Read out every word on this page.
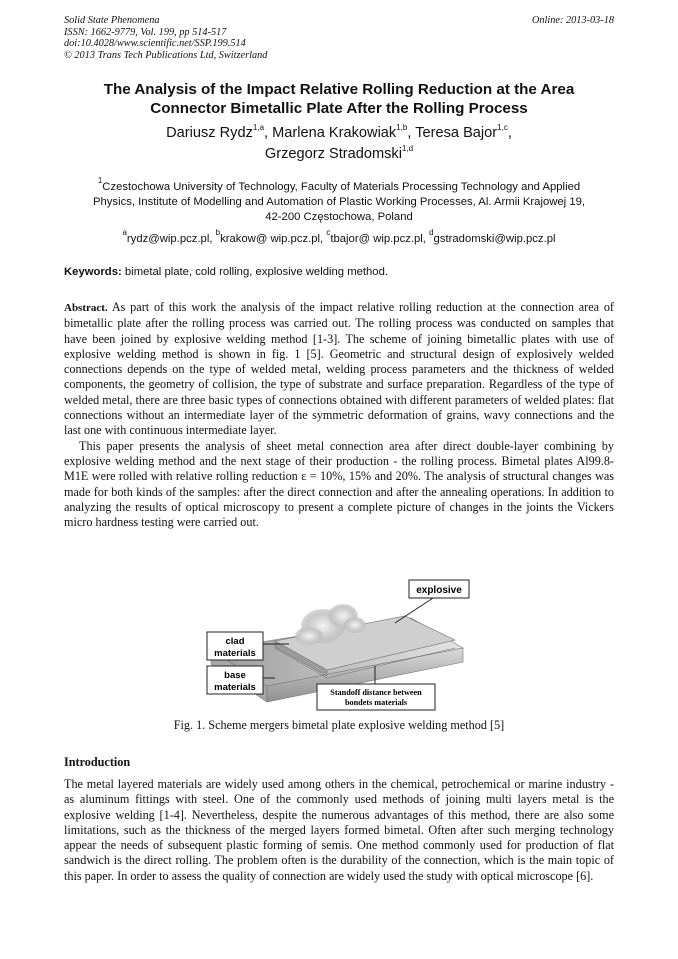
Solid State Phenomena
ISSN: 1662-9779, Vol. 199, pp 514-517
doi:10.4028/www.scientific.net/SSP.199.514
© 2013 Trans Tech Publications Ltd, Switzerland
Online: 2013-03-18
The Analysis of the Impact Relative Rolling Reduction at the Area
Connector Bimetallic Plate After the Rolling Process
Dariusz Rydz$^{1,a}$, Marlena Krakowiak$^{1,b}$, Teresa Bajor$^{1,c}$,
Grzegorz Stradomski$^{1,d}$
$^1$Czestochowa University of Technology, Faculty of Materials Processing Technology and Applied
Physics, Institute of Modelling and Automation of Plastic Working Processes, Al. Armii Krajowej 19,
42-200 Częstochowa, Poland
$^a$rydz@wip.pcz.pl, $^b$krakow@ wip.pcz.pl, $^c$tbajor@ wip.pcz.pl, $^d$gstradomski@wip.pcz.pl
Keywords: bimetal plate, cold rolling, explosive welding method.

Abstract. As part of this work the analysis of the impact relative rolling reduction at the connection area of bimetallic plate after the rolling process was carried out. The rolling process was conducted on samples that have been joined by explosive welding method [1-3]. The scheme of joining bimetallic plates with use of explosive welding method is shown in fig. 1 [5]. Geometric and structural design of explosively welded connections depends on the type of welded metal, welding process parameters and the thickness of welded components, the geometry of collision, the type of substrate and surface preparation. Regardless of the type of welded metal, there are three basic types of connections obtained with different parameters of welded plates: flat connections without an intermediate layer of the symmetric deformation of grains, wavy connections and the last one with continuous intermediate layer.

This paper presents the analysis of sheet metal connection area after direct double-layer combining by explosive welding method and the next stage of their production - the rolling process. Bimetal plates Al99.8-M1E were rolled with relative rolling reduction ε = 10%, 15% and 20%. The analysis of structural changes was made for both kinds of the samples: after the direct connection and after the annealing operations. In addition to analyzing the results of optical microscopy to present a complete picture of changes in the joints the Vickers micro hardness testing were carried out.

explosive
clad
materials
base
materials	Standoff distance between
bondets materials
Fig. 1. Scheme mergers bimetal plate explosive welding method [5]
Introduction

The metal layered materials are widely used among others in the chemical, petrochemical or marine industry - as aluminum fittings with steel. One of the commonly used methods of joining multi layers metal is the explosive welding [1-4]. Nevertheless, despite the numerous advantages of this method, there are also some limitations, such as the thickness of the merged layers formed bimetal. Often after such merging technology appear the needs of subsequent plastic forming of semis. One method commonly used for production of flat sandwich is the direct rolling. The problem often is the durability of the connection, which is the main topic of this paper. In order to assess the quality of connection are widely used the study with optical microscope [6].
